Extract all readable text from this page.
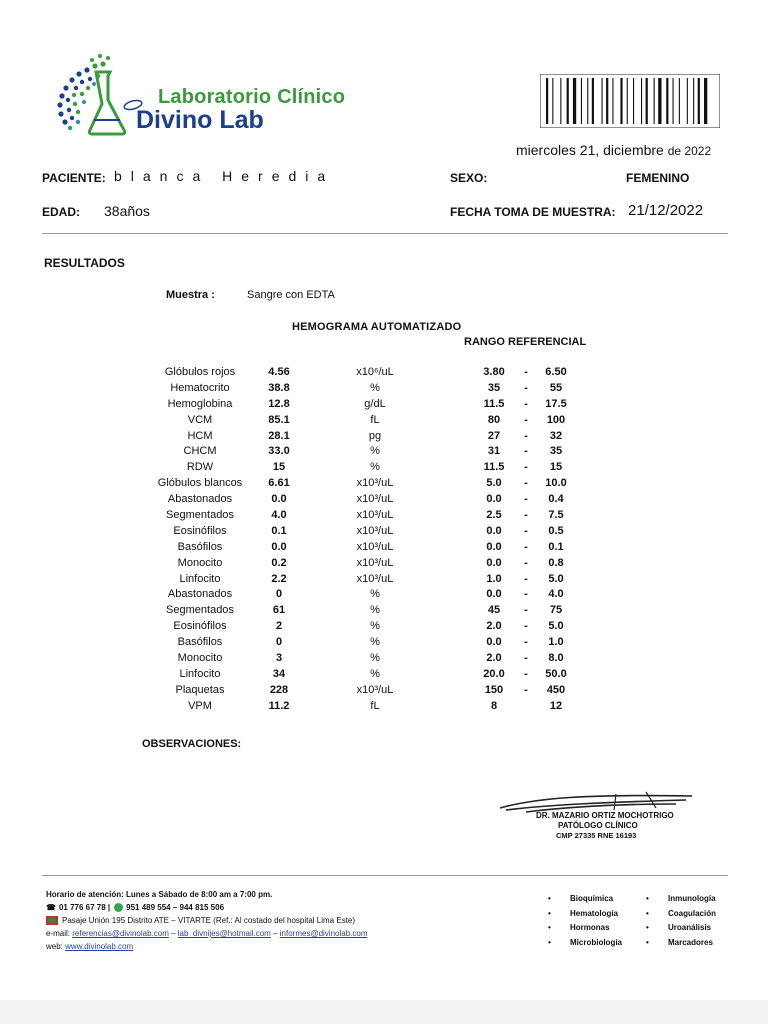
Laboratorio Clínico
Divino Lab
miercoles 21, diciembre de 2022
PACIENTE: blanca Heredia	SEXO:	FEMENINO
EDAD: 38años	FECHA TOMA DE MUESTRA: 21/12/2022
RESULTADOS
Muestra :	Sangre con EDTA
HEMOGRAMA AUTOMATIZADO
RANGO REFERENCIAL
Glóbulos rojos	4.56	x10⁶/uL	3.80	-	6.50
Hematocrito	38.8	%	35	-	55
Hemoglobina	12.8	g/dL	11.5	-	17.5
VCM	85.1	fL	80	-	100
HCM	28.1	pg	27	-	32
CHCM	33.0	%	31	-	35
RDW	15	%	11.5	-	15
Glóbulos blancos	6.61	x10³/uL	5.0	-	10.0
Abastonados	0.0	x10³/uL	0.0	-	0.4
Segmentados	4.0	x10³/uL	2.5	-	7.5
Eosinófilos	0.1	x10³/uL	0.0	-	0.5
Basófilos	0.0	x10³/uL	0.0	-	0.1
Monocito	0.2	x10³/uL	0.0	-	0.8
Linfocito	2.2	x10³/uL	1.0	-	5.0
Abastonados	0	%	0.0	-	4.0
Segmentados	61	%	45	-	75
Eosinófilos	2	%	2.0	-	5.0
Basófilos	0	%	0.0	-	1.0
Monocito	3	%	2.0	-	8.0
Linfocito	34	%	20.0	-	50.0
Plaquetas	228	x10³/uL	150	-	450
VPM	11.2	fL	8	12
OBSERVACIONES:
DR. MAZARIO ORTIZ MOCHOTRIGO
PATÓLOGO CLÍNICO
CMP 27335 RNE 16193
Horario de atención: Lunes a Sábado de 8:00 am a 7:00 pm.
☎ 01 776 67 78 | 951 489 554 – 944 815 506
Pasaje Unión 195 Distrito ATE – VITARTE (Ref.: Al costado del hospital Lima Este)
e-mail: referencias@divinolab.com – lab_divnijes@hotmail.com – informes@divinolab.com
web: www.divinolab.com
• Bioquímica
• Hematología
• Hormonas
• Microbiología
• Inmunología
• Coagulación
• Uroanálisis
• Marcadores
